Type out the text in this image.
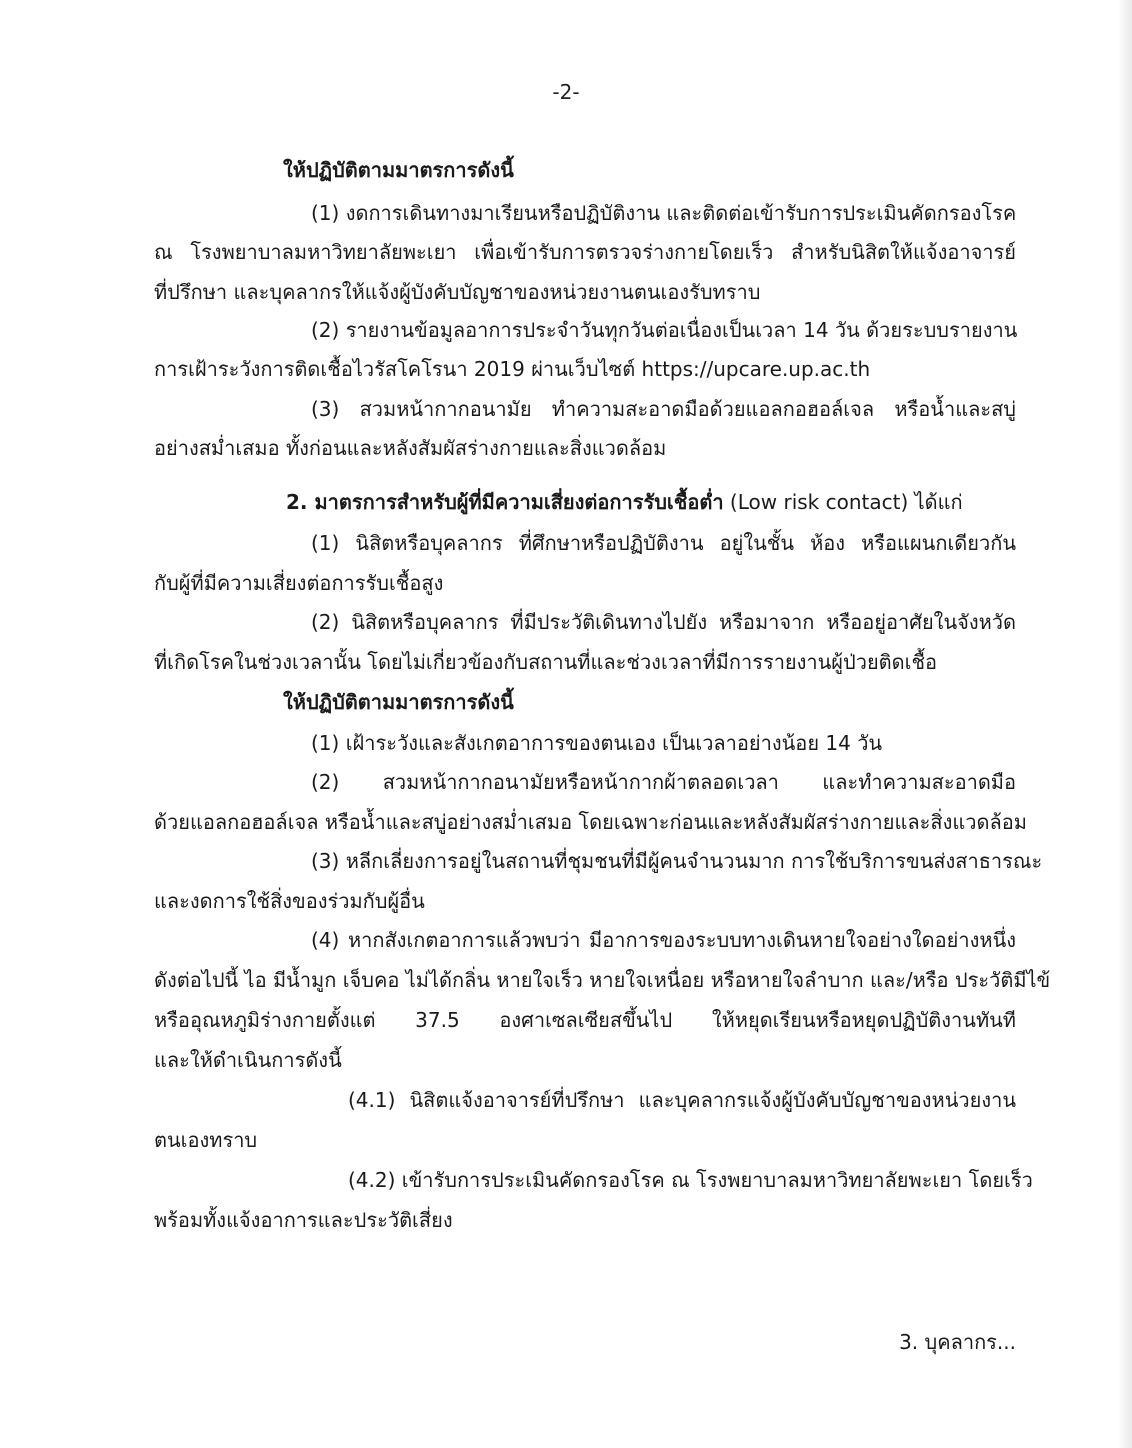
-2-
ให้ปฏิบัติตามมาตรการดังนี้
(1) งดการเดินทางมาเรียนหรือปฏิบัติงาน และติดต่อเข้ารับการประเมินคัดกรองโรค
ณ โรงพยาบาลมหาวิทยาลัยพะเยา เพื่อเข้ารับการตรวจร่างกายโดยเร็ว สำหรับนิสิตให้แจ้งอาจารย์
ที่ปรึกษา และบุคลากรให้แจ้งผู้บังคับบัญชาของหน่วยงานตนเองรับทราบ
(2) รายงานข้อมูลอาการประจำวันทุกวันต่อเนื่องเป็นเวลา 14 วัน ด้วยระบบรายงาน
การเฝ้าระวังการติดเชื้อไวรัสโคโรนา 2019 ผ่านเว็บไซต์ https://upcare.up.ac.th
(3) สวมหน้ากากอนามัย ทำความสะอาดมือด้วยแอลกอฮอล์เจล หรือน้ำและสบู่
อย่างสม่ำเสมอ ทั้งก่อนและหลังสัมผัสร่างกายและสิ่งแวดล้อม
2. มาตรการสำหรับผู้ที่มีความเสี่ยงต่อการรับเชื้อต่ำ (Low risk contact) ได้แก่
(1) นิสิตหรือบุคลากร ที่ศึกษาหรือปฏิบัติงาน อยู่ในชั้น ห้อง หรือแผนกเดียวกัน
กับผู้ที่มีความเสี่ยงต่อการรับเชื้อสูง
(2) นิสิตหรือบุคลากร ที่มีประวัติเดินทางไปยัง หรือมาจาก หรืออยู่อาศัยในจังหวัด
ที่เกิดโรคในช่วงเวลานั้น โดยไม่เกี่ยวข้องกับสถานที่และช่วงเวลาที่มีการรายงานผู้ป่วยติดเชื้อ
ให้ปฏิบัติตามมาตรการดังนี้
(1) เฝ้าระวังและสังเกตอาการของตนเอง เป็นเวลาอย่างน้อย 14 วัน
(2) สวมหน้ากากอนามัยหรือหน้ากากผ้าตลอดเวลา และทำความสะอาดมือ
ด้วยแอลกอฮอล์เจล หรือน้ำและสบู่อย่างสม่ำเสมอ โดยเฉพาะก่อนและหลังสัมผัสร่างกายและสิ่งแวดล้อม
(3) หลีกเลี่ยงการอยู่ในสถานที่ชุมชนที่มีผู้คนจำนวนมาก การใช้บริการขนส่งสาธารณะ
และงดการใช้สิ่งของร่วมกับผู้อื่น
(4) หากสังเกตอาการแล้วพบว่า มีอาการของระบบทางเดินหายใจอย่างใดอย่างหนึ่ง
ดังต่อไปนี้ ไอ มีน้ำมูก เจ็บคอ ไม่ได้กลิ่น หายใจเร็ว หายใจเหนื่อย หรือหายใจลำบาก และ/หรือ ประวัติมีไข้
หรืออุณหภูมิร่างกายตั้งแต่ 37.5 องศาเซลเซียสขึ้นไป ให้หยุดเรียนหรือหยุดปฏิบัติงานทันที
และให้ดำเนินการดังนี้
(4.1) นิสิตแจ้งอาจารย์ที่ปรึกษา และบุคลากรแจ้งผู้บังคับบัญชาของหน่วยงาน
ตนเองทราบ
(4.2) เข้ารับการประเมินคัดกรองโรค ณ โรงพยาบาลมหาวิทยาลัยพะเยา โดยเร็ว
พร้อมทั้งแจ้งอาการและประวัติเสี่ยง
3. บุคลากร...
